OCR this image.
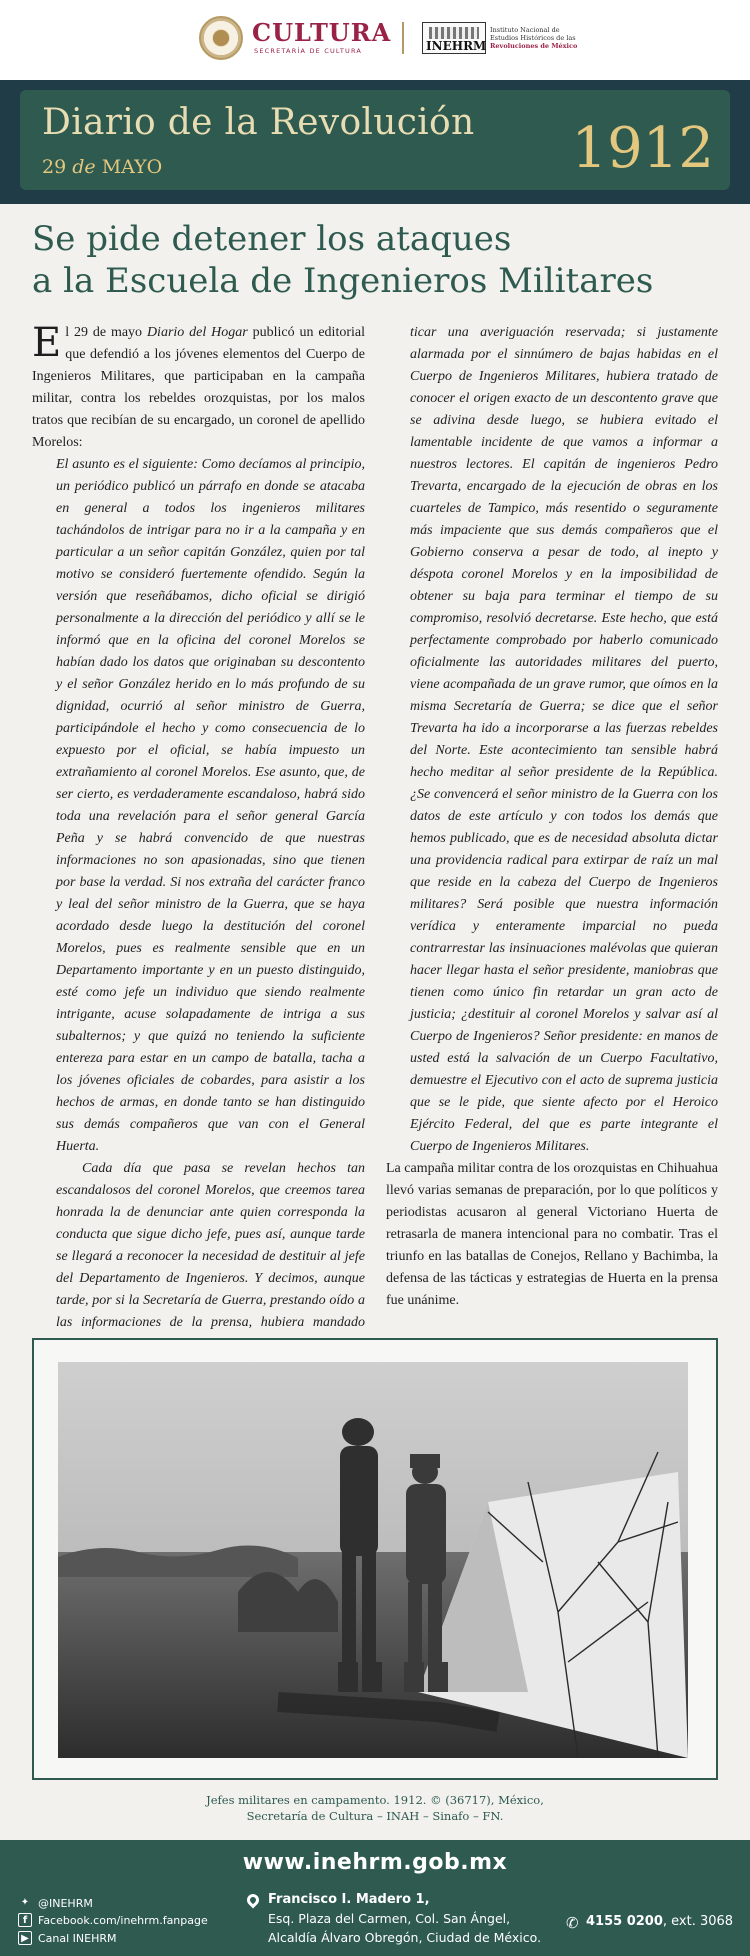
CULTURA
SECRETARÍA DE CULTURA	INEHRM
Instituto Nacional de
Estudios Históricos de las
Revoluciones de México
Diario de la Revolución
29 de MAYO	1912
Se pide detener los ataques
a la Escuela de Ingenieros Militares

El 29 de mayo Diario del Hogar publicó un editorial que defendió a los jóvenes elementos del Cuerpo de Ingenieros Militares, que participaban en la campaña militar, contra los rebeldes orozquistas, por los malos tratos que recibían de su encargado, un coronel de apellido Morelos:

El asunto es el siguiente: Como decíamos al principio, un periódico publicó un párrafo en donde se atacaba en general a todos los ingenieros militares tachándolos de intrigar para no ir a la campaña y en particular a un señor capitán González, quien por tal motivo se consideró fuertemente ofendido. Según la versión que reseñábamos, dicho oficial se dirigió personalmente a la dirección del periódico y allí se le informó que en la oficina del coronel Morelos se habían dado los datos que originaban su descontento y el señor González herido en lo más profundo de su dignidad, ocurrió al señor ministro de Guerra, participándole el hecho y como consecuencia de lo expuesto por el oficial, se había impuesto un extrañamiento al coronel Morelos. Ese asunto, que, de ser cierto, es verdaderamente escandaloso, habrá sido toda una revelación para el señor general García Peña y se habrá convencido de que nuestras informaciones no son apasionadas, sino que tienen por base la verdad. Si nos extraña del carácter franco y leal del señor ministro de la Guerra, que se haya acordado desde luego la destitución del coronel Morelos, pues es realmente sensible que en un Departamento importante y en un puesto distinguido, esté como jefe un individuo que siendo realmente intrigante, acuse solapadamente de intriga a sus subalternos; y que quizá no teniendo la suficiente entereza para estar en un campo de batalla, tacha a los jóvenes oficiales de cobardes, para asistir a los hechos de armas, en donde tanto se han distinguido sus demás compañeros que van con el General Huerta.

Cada día que pasa se revelan hechos tan escandalosos del coronel Morelos, que creemos tarea honrada la de denunciar ante quien corresponda la conducta que sigue dicho jefe, pues así, aunque tarde se llegará a reconocer la necesidad de destituir al jefe del Departamento de Ingenieros. Y decimos, aunque tarde, por si la Secretaría de Guerra, prestando oído a las informaciones de la prensa, hubiera mandado

ticar una averiguación reservada; si justamente alarmada por el sinnúmero de bajas habidas en el Cuerpo de Ingenieros Militares, hubiera tratado de conocer el origen exacto de un descontento grave que se adivina desde luego, se hubiera evitado el lamentable incidente de que vamos a informar a nuestros lectores. El capitán de ingenieros Pedro Trevarta, encargado de la ejecución de obras en los cuarteles de Tampico, más resentido o seguramente más impaciente que sus demás compañeros que el Gobierno conserva a pesar de todo, al inepto y déspota coronel Morelos y en la imposibilidad de obtener su baja para terminar el tiempo de su compromiso, resolvió decretarse. Este hecho, que está perfectamente comprobado por haberlo comunicado oficialmente las autoridades militares del puerto, viene acompañada de un grave rumor, que oímos en la misma Secretaría de Guerra; se dice que el señor Trevarta ha ido a incorporarse a las fuerzas rebeldes del Norte. Este acontecimiento tan sensible habrá hecho meditar al señor presidente de la República. ¿Se convencerá el señor ministro de la Guerra con los datos de este artículo y con todos los demás que hemos publicado, que es de necesidad absoluta dictar una providencia radical para extirpar de raíz un mal que reside en la cabeza del Cuerpo de Ingenieros militares? Será posible que nuestra información verídica y enteramente imparcial no pueda contrarrestar las insinuaciones malévolas que quieran hacer llegar hasta el señor presidente, maniobras que tienen como único fin retardar un gran acto de justicia; ¿destituir al coronel Morelos y salvar así al Cuerpo de Ingenieros? Señor presidente: en manos de usted está la salvación de un Cuerpo Facultativo, demuestre el Ejecutivo con el acto de suprema justicia que se le pide, que siente afecto por el Heroico Ejército Federal, del que es parte integrante el Cuerpo de Ingenieros Militares.

La campaña militar contra de los orozquistas en Chihuahua llevó varias semanas de preparación, por lo que políticos y periodistas acusaron al general Victoriano Huerta de retrasarla de manera intencional para no combatir. Tras el triunfo en las batallas de Conejos, Rellano y Bachimba, la defensa de las tácticas y estrategias de Huerta en la prensa fue unánime.

Jefes militares en campamento. 1912. © (36717), México,
Secretaría de Cultura – INAH – Sinafo – FN.
www.inehrm.gob.mx
✦ @INEHRM
f Facebook.com/inehrm.fanpage
▶ Canal INEHRM
Francisco I. Madero 1,
Esq. Plaza del Carmen, Col. San Ángel,
Alcaldía Álvaro Obregón, Ciudad de México.
✆ 4155 0200, ext. 3068
